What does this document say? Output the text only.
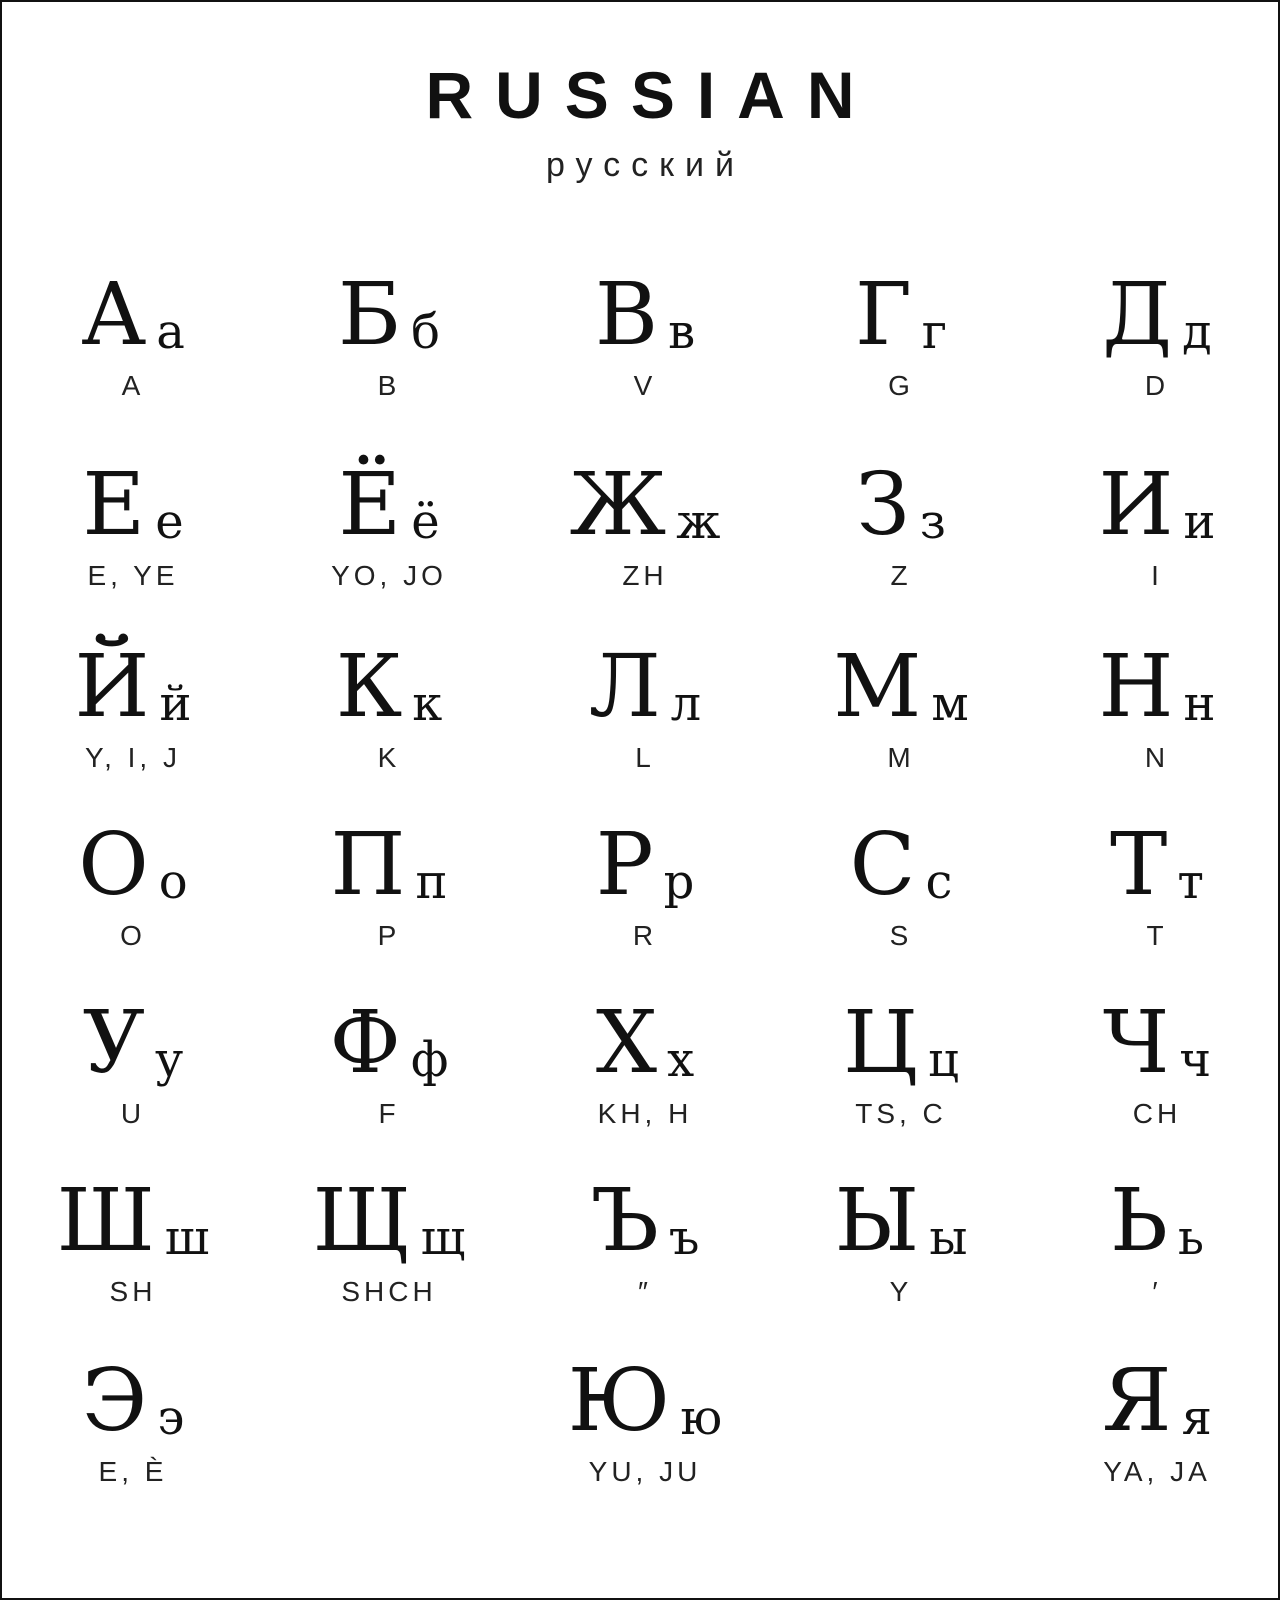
RUSSIAN
русский
А а
A
Б б
B
В в
V
Г г
G
Д д
D
Е е
E, YE
Ё ё
YO, JO
Ж ж
ZH
З з
Z
И и
I
Й й
Y, I, J
К к
K
Л л
L
М м
M
Н н
N
О о
O
П п
P
Р р
R
С с
S
Т т
T
У у
U
Ф ф
F
Х х
KH, H
Ц ц
TS, C
Ч ч
CH
Ш ш
SH
Щ щ
SHCH
Ъ ъ
″
Ы ы
Y
Ь ь
′
Э э
E, È
Ю ю
YU, JU
Я я
YA, JA
